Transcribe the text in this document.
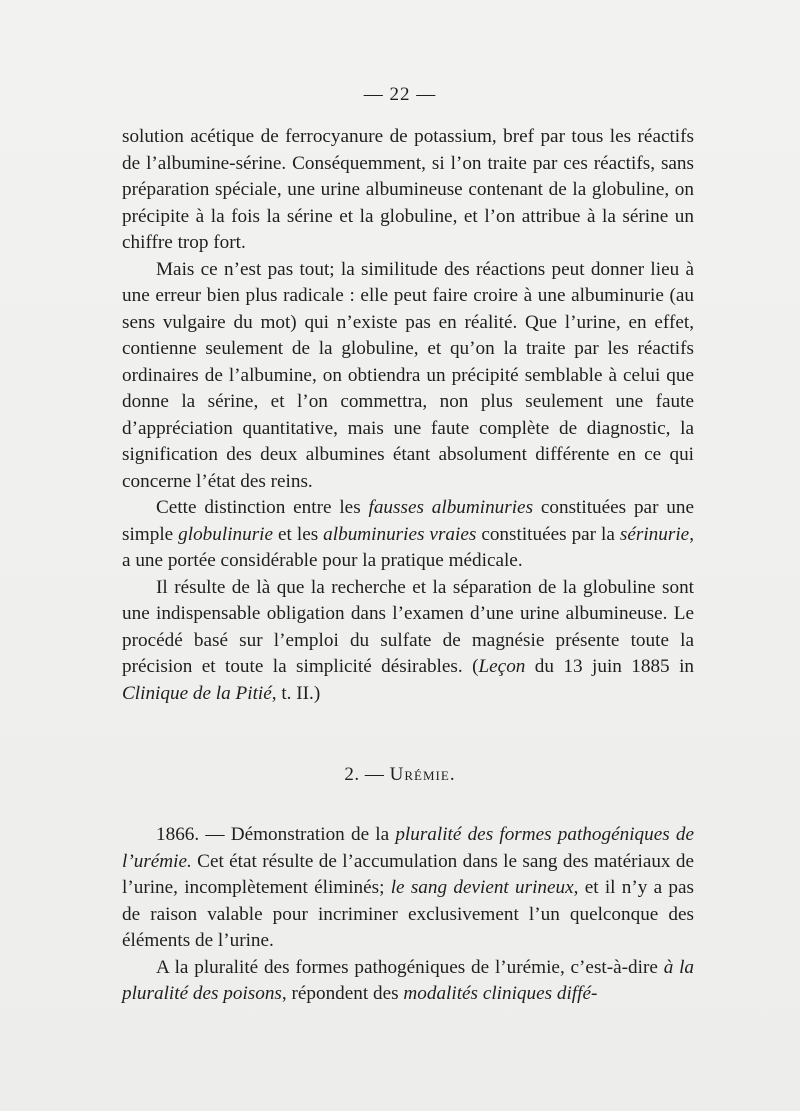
— 22 —

solution acétique de ferrocyanure de potassium, bref par tous les réactifs de l’albumine-sérine. Conséquemment, si l’on traite par ces réactifs, sans préparation spéciale, une urine albumineuse contenant de la globuline, on précipite à la fois la sérine et la globuline, et l’on attribue à la sérine un chiffre trop fort.

Mais ce n’est pas tout; la similitude des réactions peut donner lieu à une erreur bien plus radicale : elle peut faire croire à une albuminurie (au sens vulgaire du mot) qui n’existe pas en réalité. Que l’urine, en effet, contienne seulement de la globuline, et qu’on la traite par les réactifs ordinaires de l’albumine, on obtiendra un précipité semblable à celui que donne la sérine, et l’on commettra, non plus seulement une faute d’appréciation quantitative, mais une faute complète de diagnostic, la signification des deux albumines étant absolument différente en ce qui concerne l’état des reins.

Cette distinction entre les fausses albuminuries constituées par une simple globulinurie et les albuminuries vraies constituées par la sérinurie, a une portée considérable pour la pratique médicale.

Il résulte de là que la recherche et la séparation de la globuline sont une indispensable obligation dans l’examen d’une urine albumineuse. Le procédé basé sur l’emploi du sulfate de magnésie présente toute la précision et toute la simplicité désirables. (Leçon du 13 juin 1885 in Clinique de la Pitié, t. II.)

2. — Urémie.

1866. — Démonstration de la pluralité des formes pathogéniques de l’urémie. Cet état résulte de l’accumulation dans le sang des matériaux de l’urine, incomplètement éliminés; le sang devient urineux, et il n’y a pas de raison valable pour incriminer exclusivement l’un quelconque des éléments de l’urine.

A la pluralité des formes pathogéniques de l’urémie, c’est-à-dire à la pluralité des poisons, répondent des modalités cliniques diffé-
